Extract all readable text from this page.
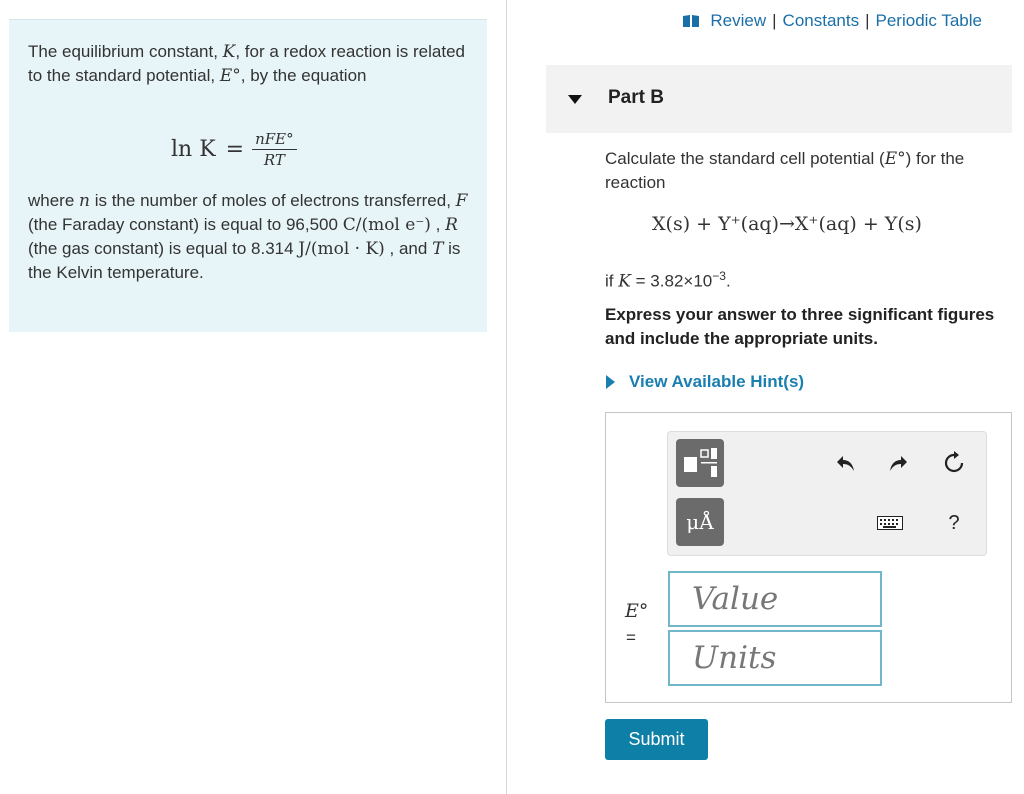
The equilibrium constant, K, for a redox reaction is related to the standard potential, E°, by the equation
$\ln K = \frac{\text{nFE°}}{RT}$
where n is the number of moles of electrons transferred, F (the Faraday constant) is equal to 96,500 C/(mol e⁻) , R (the gas constant) is equal to 8.314 J/(mol · K) , and T is the Kelvin temperature.
Review | Constants | Periodic Table
Part B
Calculate the standard cell potential (E°) for the reaction
X(s) + Y⁺(aq)→X⁺(aq) + Y(s)
if $K = 3.82\times 10^{-3}$.
Express your answer to three significant figures and include the appropriate units.
View Available Hint(s)
μÅ	?
E°
=
Value
Units
Submit
